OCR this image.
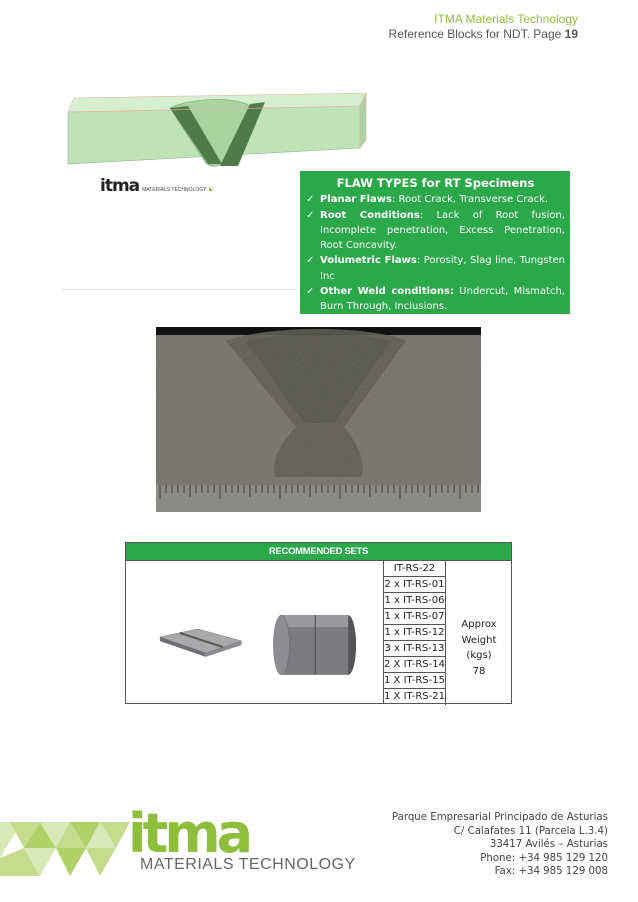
ITMA Materials Technology
Reference Blocks for NDT. Page 19
itma MATERIALS TECHNOLOGY	FLAW TYPES for RT Specimens
✓ Planar Flaws: Root Crack, Transverse Crack.
✓ Root Conditions: Lack of Root fusion, Incomplete penetration, Excess Penetration, Root Concavity.
✓ Volumetric Flaws: Porosity, Slag line, Tungsten Inc
✓ Other Weld conditions: Undercut, Mismatch, Burn Through, Inclusions.
RECOMMENDED SETS
IT-RS-22
2 x IT-RS-01
1 x IT-RS-06
1 x IT-RS-07
1 x IT-RS-12
3 x IT-RS-13
2 X IT-RS-14
1 X IT-RS-15
1 X IT-RS-21
Approx
Weight
(kgs)
78
itma
MATERIALS TECHNOLOGY
Parque Empresarial Principado de Asturias
C/ Calafates 11 (Parcela L.3.4)
33417 Avilés – Asturias
Phone: +34 985 129 120
Fax: +34 985 129 008
